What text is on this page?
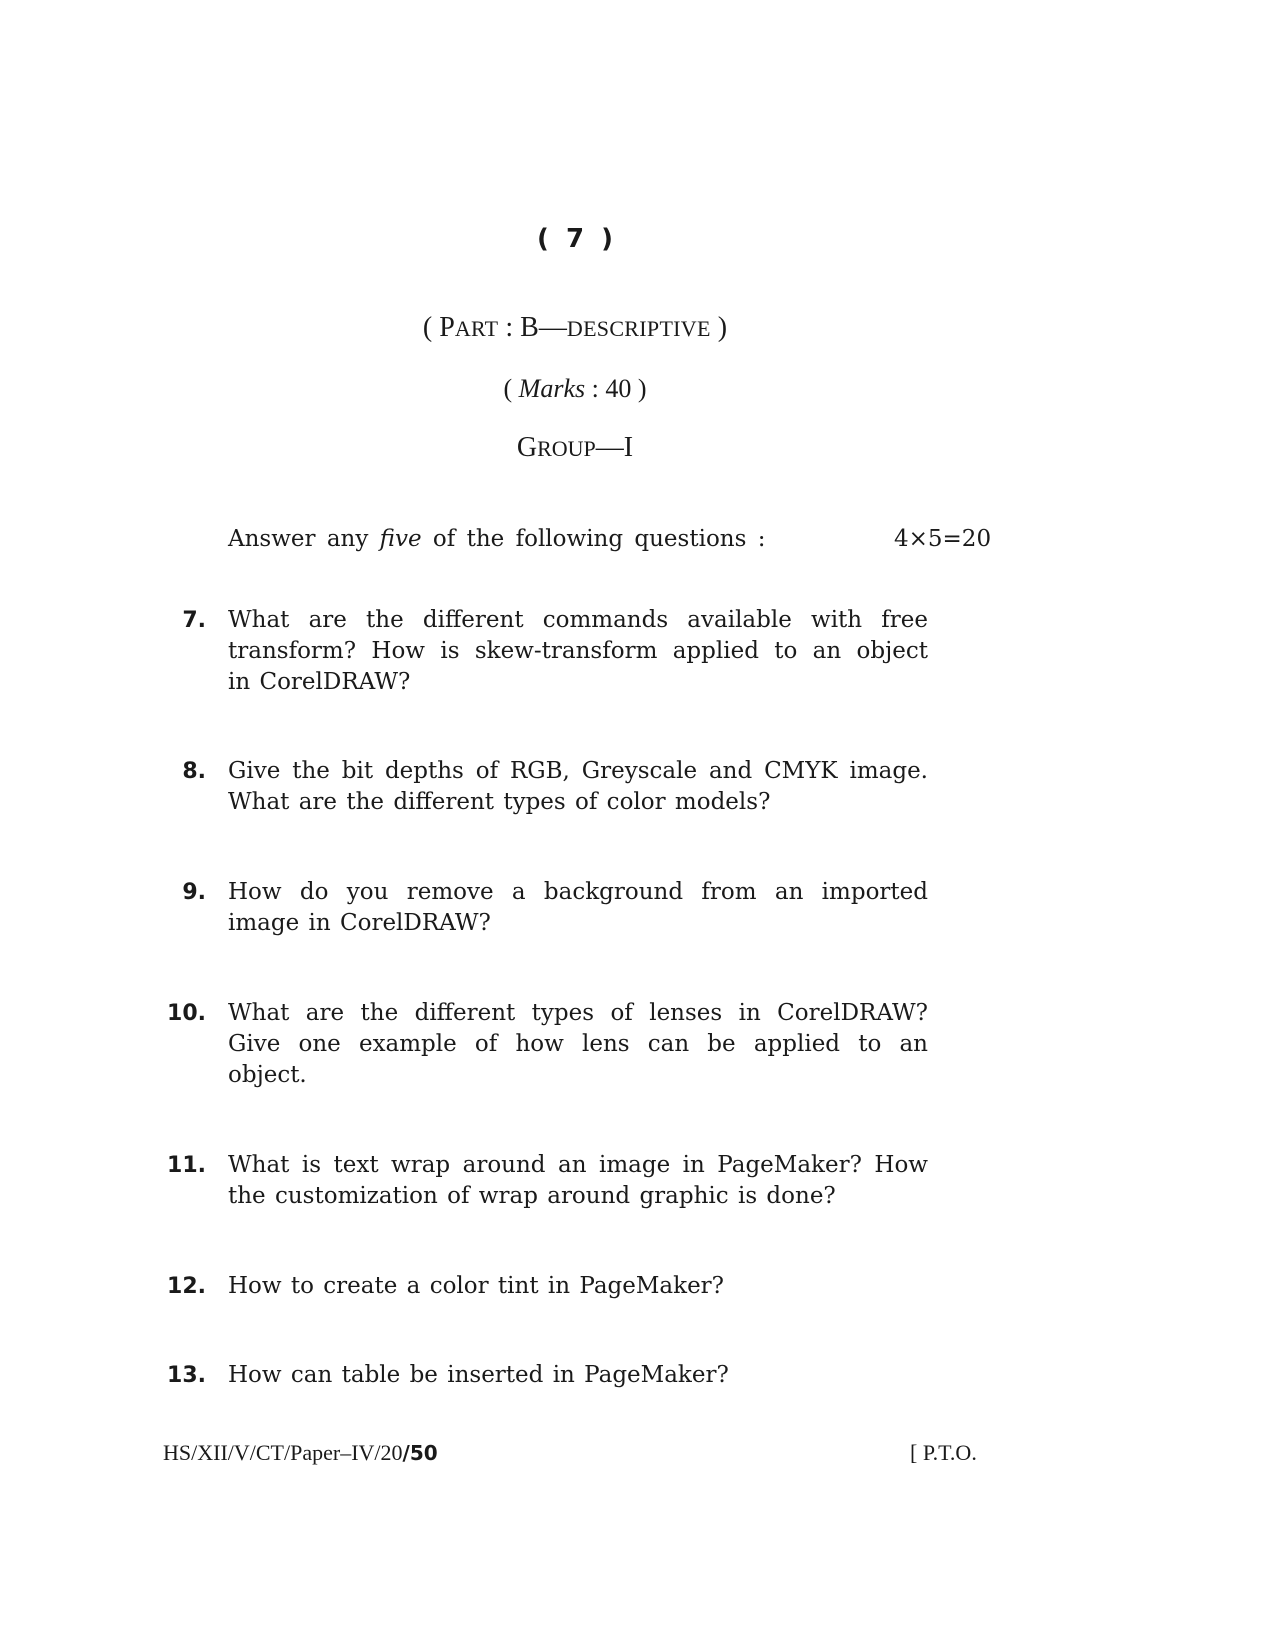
( 7 )
( PART : B—DESCRIPTIVE )
( Marks : 40 )
GROUP—I
Answer any five of the following questions :	4×5=20
7. What are the different commands available with free
transform? How is skew-transform applied to an object
in CorelDRAW?
8. Give the bit depths of RGB, Greyscale and CMYK image.
What are the different types of color models?
9. How do you remove a background from an imported
image in CorelDRAW?
10. What are the different types of lenses in CorelDRAW?
Give one example of how lens can be applied to an
object.
11. What is text wrap around an image in PageMaker? How
the customization of wrap around graphic is done?
12. How to create a color tint in PageMaker?
13. How can table be inserted in PageMaker?
HS/XII/V/CT/Paper–IV/20/50	[ P.T.O.
